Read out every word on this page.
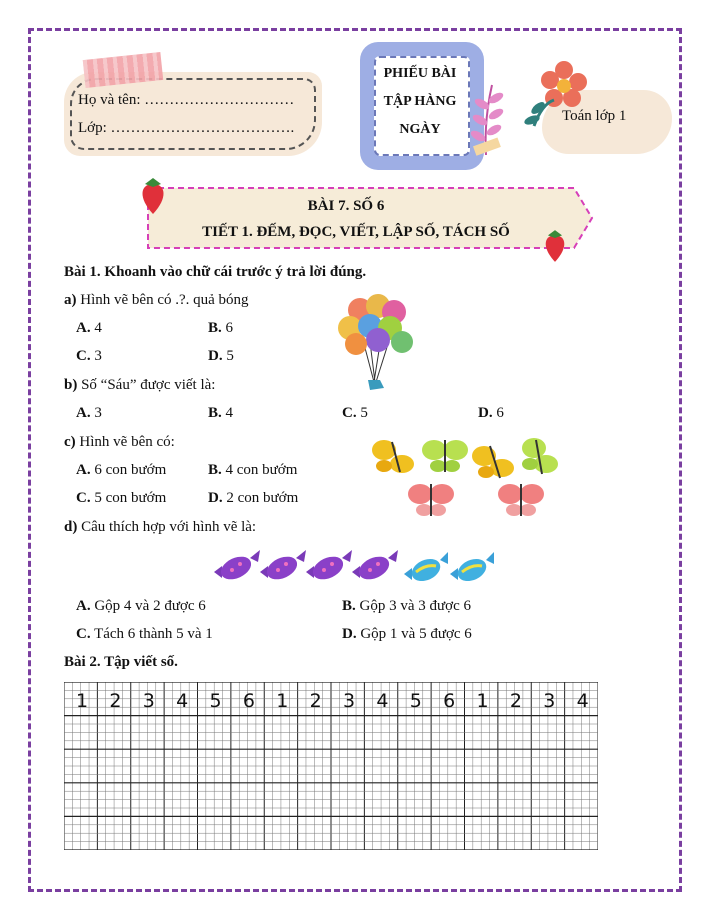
Họ và tên: …………………………
Lớp: ……………………………….
PHIẾU BÀI
TẬP HÀNG
NGÀY
Toán lớp 1
BÀI 7. SỐ 6
TIẾT 1. ĐẾM, ĐỌC, VIẾT, LẬP SỐ, TÁCH SỐ
Bài 1. Khoanh vào chữ cái trước ý trả lời đúng.
a) Hình vẽ bên có .?. quả bóng
A. 4	B. 6
C. 3	D. 5
b) Số “Sáu” được viết là:
A. 3	B. 4	C. 5	D. 6
c) Hình vẽ bên có:
A. 6 con bướm	B. 4 con bướm
C. 5 con bướm	D. 2 con bướm
d) Câu thích hợp với hình vẽ là:
A. Gộp 4 và 2 được 6	B. Gộp 3 và 3 được 6
C. Tách 6 thành 5 và 1	D. Gộp 1 và 5 được 6
Bài 2. Tập viết số.
1 2 3 4 5 6 1 2 3 4 5 6 1 2 3 4
